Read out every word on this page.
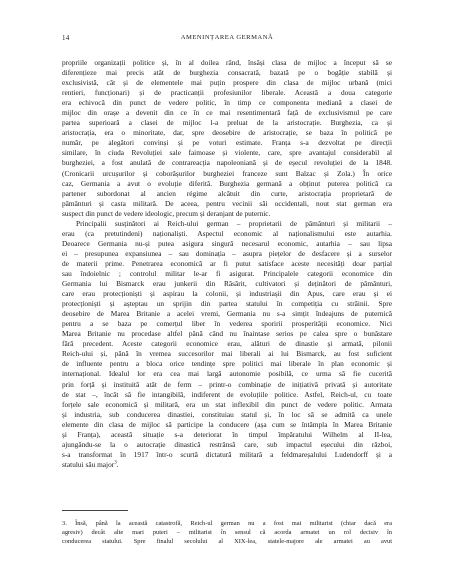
14	AMENINȚAREA GERMANĂ
propriile organizații politice și, în al doilea rând, însăși clasa de mijloc a început să se
diferențieze mai precis atât de burghezia consacrată, bazată pe o bogăție stabilă și
exclusivistă, cât și de elementele mai puțin prospere din clasa de mijloc urbană (mici
rentieri, funcționari) și de practicanții profesiunilor liberale. Această a doua categorie
era echivocă din punct de vedere politic, în timp ce componenta mediană a clasei de
mijloc din orașe a devenit din ce în ce mai resentimentară față de exclusivismul pe care
partea superioară a clasei de mijloc l-a preluat de la aristocrație. Burghezia, ca și
aristocrația, era o minoritate, dar, spre deosebire de aristocrație, se baza în politică pe
număr, pe alegători convinși și pe voturi estimate. Franța s-a dezvoltat pe direcții
similare, în ciuda Revoluției sale faimoase și violente, care, spre avantajul considerabil al
burgheziei, a fost anulată de contrareacția napoleoniană și de eșecul revoluției de la 1848.
(Cronicarii urcușurilor și coborâșurilor burgheziei franceze sunt Balzac și Zola.) În orice
caz, Germania a avut o evoluție diferită. Burghezia germană a obținut puterea politică ca
partener subordonat al ancien régime alcătuit din curte, aristocrația proprietară de
pământuri și casta militară. De aceea, pentru vecinii săi occidentali, nout stat german era
suspect din punct de vedere ideologic, precum și deranjant de puternic.
Principalii susținători ai Reich-ului german – proprietarii de pământuri și militarii –
erau (ca pretutindeni) naționaliști. Aspectul economic al naționalismului este autarhia.
Deoarece Germania nu-și putea asigura singură necesarul economic, autarhia – sau lipsa
ei – presupunea expansiunea – sau dominația – asupra piețelor de desfacere și a surselor
de materii prime. Penetrarea economică ar fi putut satisface aceste necesități doar parțial
sau îndoielnic ; controlul militar le-ar fi asigurat. Principalele categorii economice din
Germania lui Bismarck erau junkerii din Răsărit, cultivatori și deținători de pământuri,
care erau protecționiști și aspirau la colonii, și industriașii din Apus, care erau și ei
protecționiști și așteptau un sprijin din partea statului în competiția cu străinii. Spre
deosebire de Marea Britanie a acelei vremi, Germania nu s-a simțit îndeajuns de puternică
pentru a se baza pe comerțul liber în vederea sporirii prosperității economice. Nici
Marea Britanie nu procedase altfel până când nu înaintase serios pe calea spre o bunăstare
fără precedent. Aceste categorii economice erau, alături de dinastie și armată, pilonii
Reich-ului și, până în vremea succesorilor mai liberali ai lui Bismarck, au fost suficient
de influente pentru a bloca orice tendințe spre politici mai liberale în plan economic și
internațional. Idealul lor era cea mai largă autonomie posibilă, ce urma să fie cucerită
prin forță și instituită atât de ferm – printr-o combinație de inițiativă privată și autoritate
de stat –, încât să fie intangibilă, indiferent de evoluțiile politice. Astfel, Reich-ul, cu toate
forțele sale economică și militară, era un stat inflexibil din punct de vedere politic. Armata
și industria, sub conducerea dinastiei, constituiau statul și, în loc să se admită ca unele
elemente din clasa de mijloc să participe la conducere (așa cum se întâmpla în Marea Britanie
și Franța), această situație s-a deteriorat în timpul împăratului Wilhelm al II-lea,
ajungându-se la o autocrație dinastică restrânsă care, sub impactul eșecului din război,
s-a transformat în 1917 într-o scurtă dictatură militară a feldmareșalului Ludendorff și a
statului său major$^3$.
3. Însă, până la această catastrofă, Reich-ul german nu a fost mai militarist (chiar dacă era
agresiv) decât alte mari puteri – militarist în sensul că acorda armatei un rol decisiv în
conducerea statului. Spre finalul secolului al XIX-lea, statele-majore ale armatei au avut
